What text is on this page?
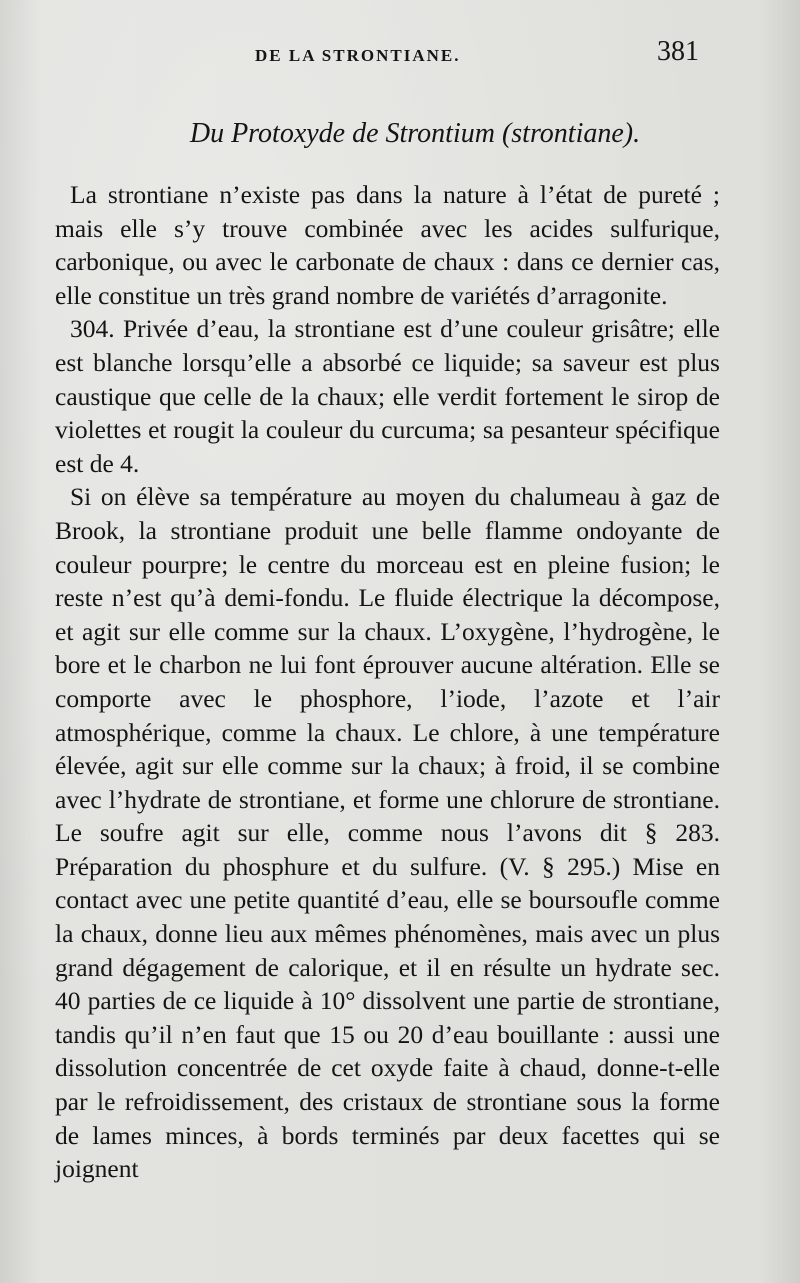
DE LA STRONTIANE.	381
Du Protoxyde de Strontium (strontiane).

La strontiane n’existe pas dans la nature à l’état de pureté ; mais elle s’y trouve combinée avec les acides sulfurique, carbonique, ou avec le carbonate de chaux : dans ce dernier cas, elle constitue un très grand nombre de variétés d’arragonite.

304. Privée d’eau, la strontiane est d’une couleur grisâtre; elle est blanche lorsqu’elle a absorbé ce liquide; sa saveur est plus caustique que celle de la chaux; elle verdit fortement le sirop de violettes et rougit la couleur du curcuma; sa pesanteur spécifique est de 4.

Si on élève sa température au moyen du chalumeau à gaz de Brook, la strontiane produit une belle flamme ondoyante de couleur pourpre; le centre du morceau est en pleine fusion; le reste n’est qu’à demi-fondu. Le fluide électrique la décompose, et agit sur elle comme sur la chaux. L’oxygène, l’hydrogène, le bore et le charbon ne lui font éprouver aucune altération. Elle se comporte avec le phosphore, l’iode, l’azote et l’air atmosphérique, comme la chaux. Le chlore, à une température élevée, agit sur elle comme sur la chaux; à froid, il se combine avec l’hydrate de strontiane, et forme une chlorure de strontiane. Le soufre agit sur elle, comme nous l’avons dit § 283. Préparation du phosphure et du sulfure. (V. § 295.) Mise en contact avec une petite quantité d’eau, elle se boursoufle comme la chaux, donne lieu aux mêmes phénomènes, mais avec un plus grand dégagement de calorique, et il en résulte un hydrate sec. 40 parties de ce liquide à 10° dissolvent une partie de strontiane, tandis qu’il n’en faut que 15 ou 20 d’eau bouillante : aussi une dissolution concentrée de cet oxyde faite à chaud, donne-t-elle par le refroidissement, des cristaux de strontiane sous la forme de lames minces, à bords terminés par deux facettes qui se joignent
